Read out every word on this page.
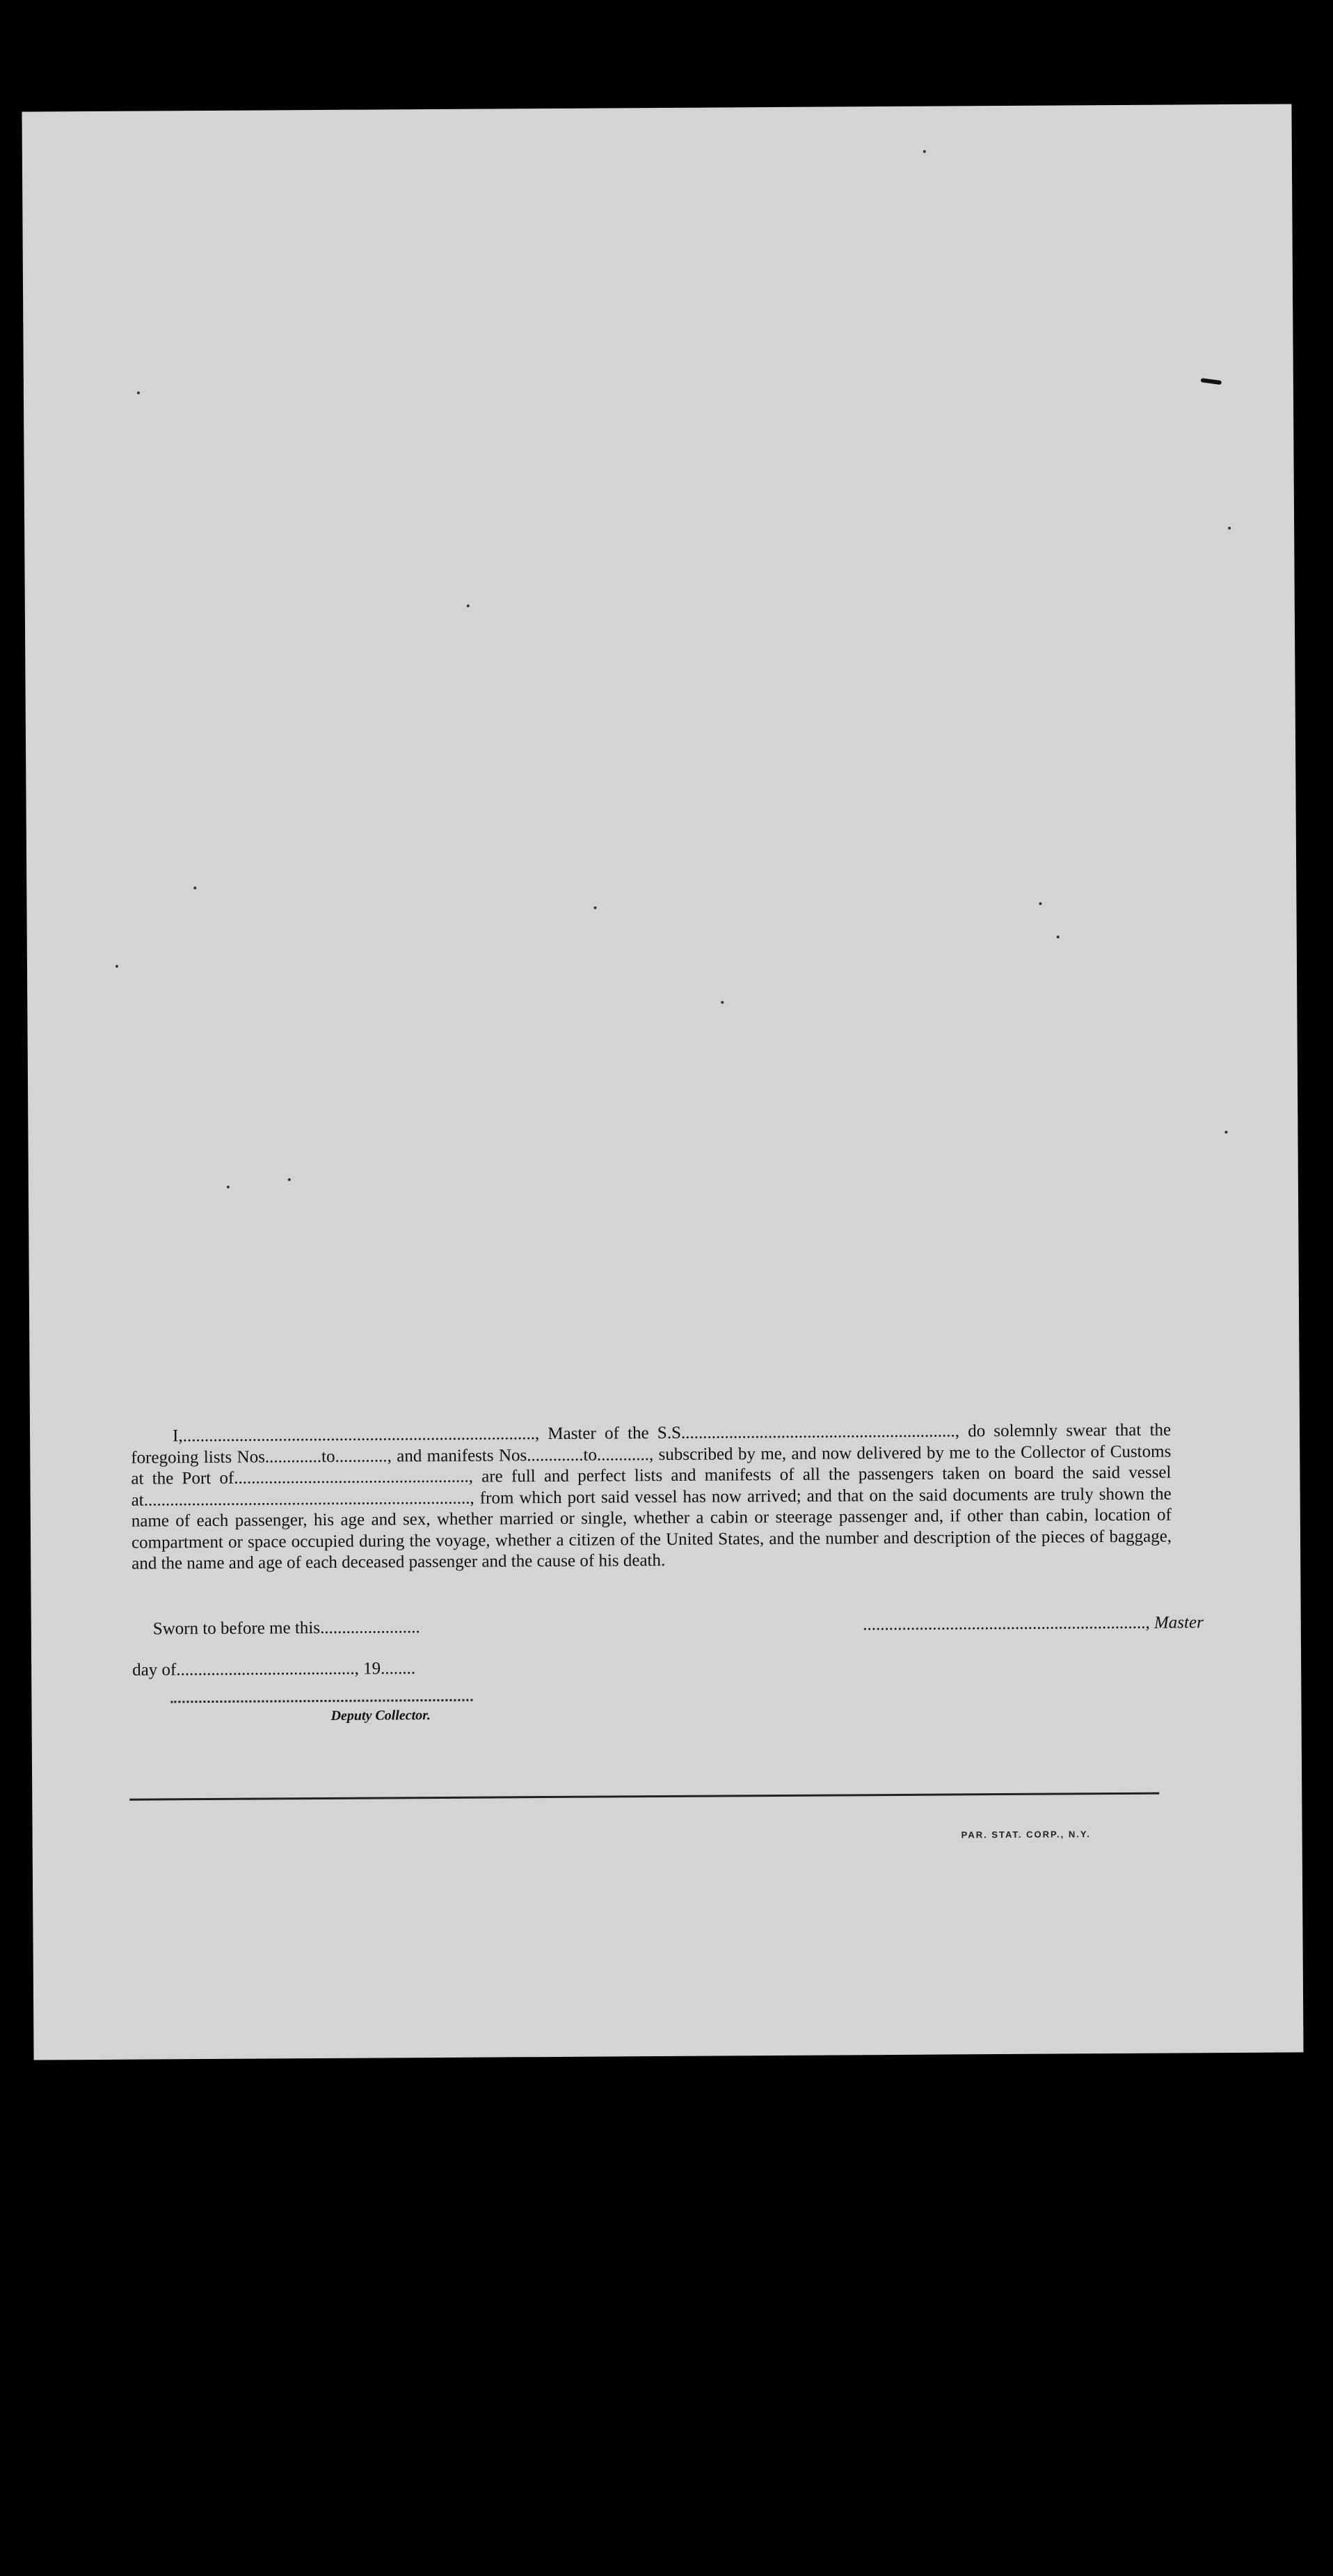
I,................................................................................., Master of the S.S..............................................................., do solemnly swear that the foregoing lists Nos.............to............, and manifests Nos.............to............, subscribed by me, and now delivered by me to the Collector of Customs at the Port of......................................................, are full and perfect lists and manifests of all the passengers taken on board the said vessel at..........................................................................., from which port said vessel has now arrived; and that on the said documents are truly shown the name of each passenger, his age and sex, whether married or single, whether a cabin or steerage passenger and, if other than cabin, location of compartment or space occupied during the voyage, whether a citizen of the United States, and the number and description of the pieces of baggage, and the name and age of each deceased passenger and the cause of his death.

Sworn to before me this.......................	................................................................., Master
day of........................................., 19........
Deputy Collector.
PAR. STAT. CORP., N.Y.
